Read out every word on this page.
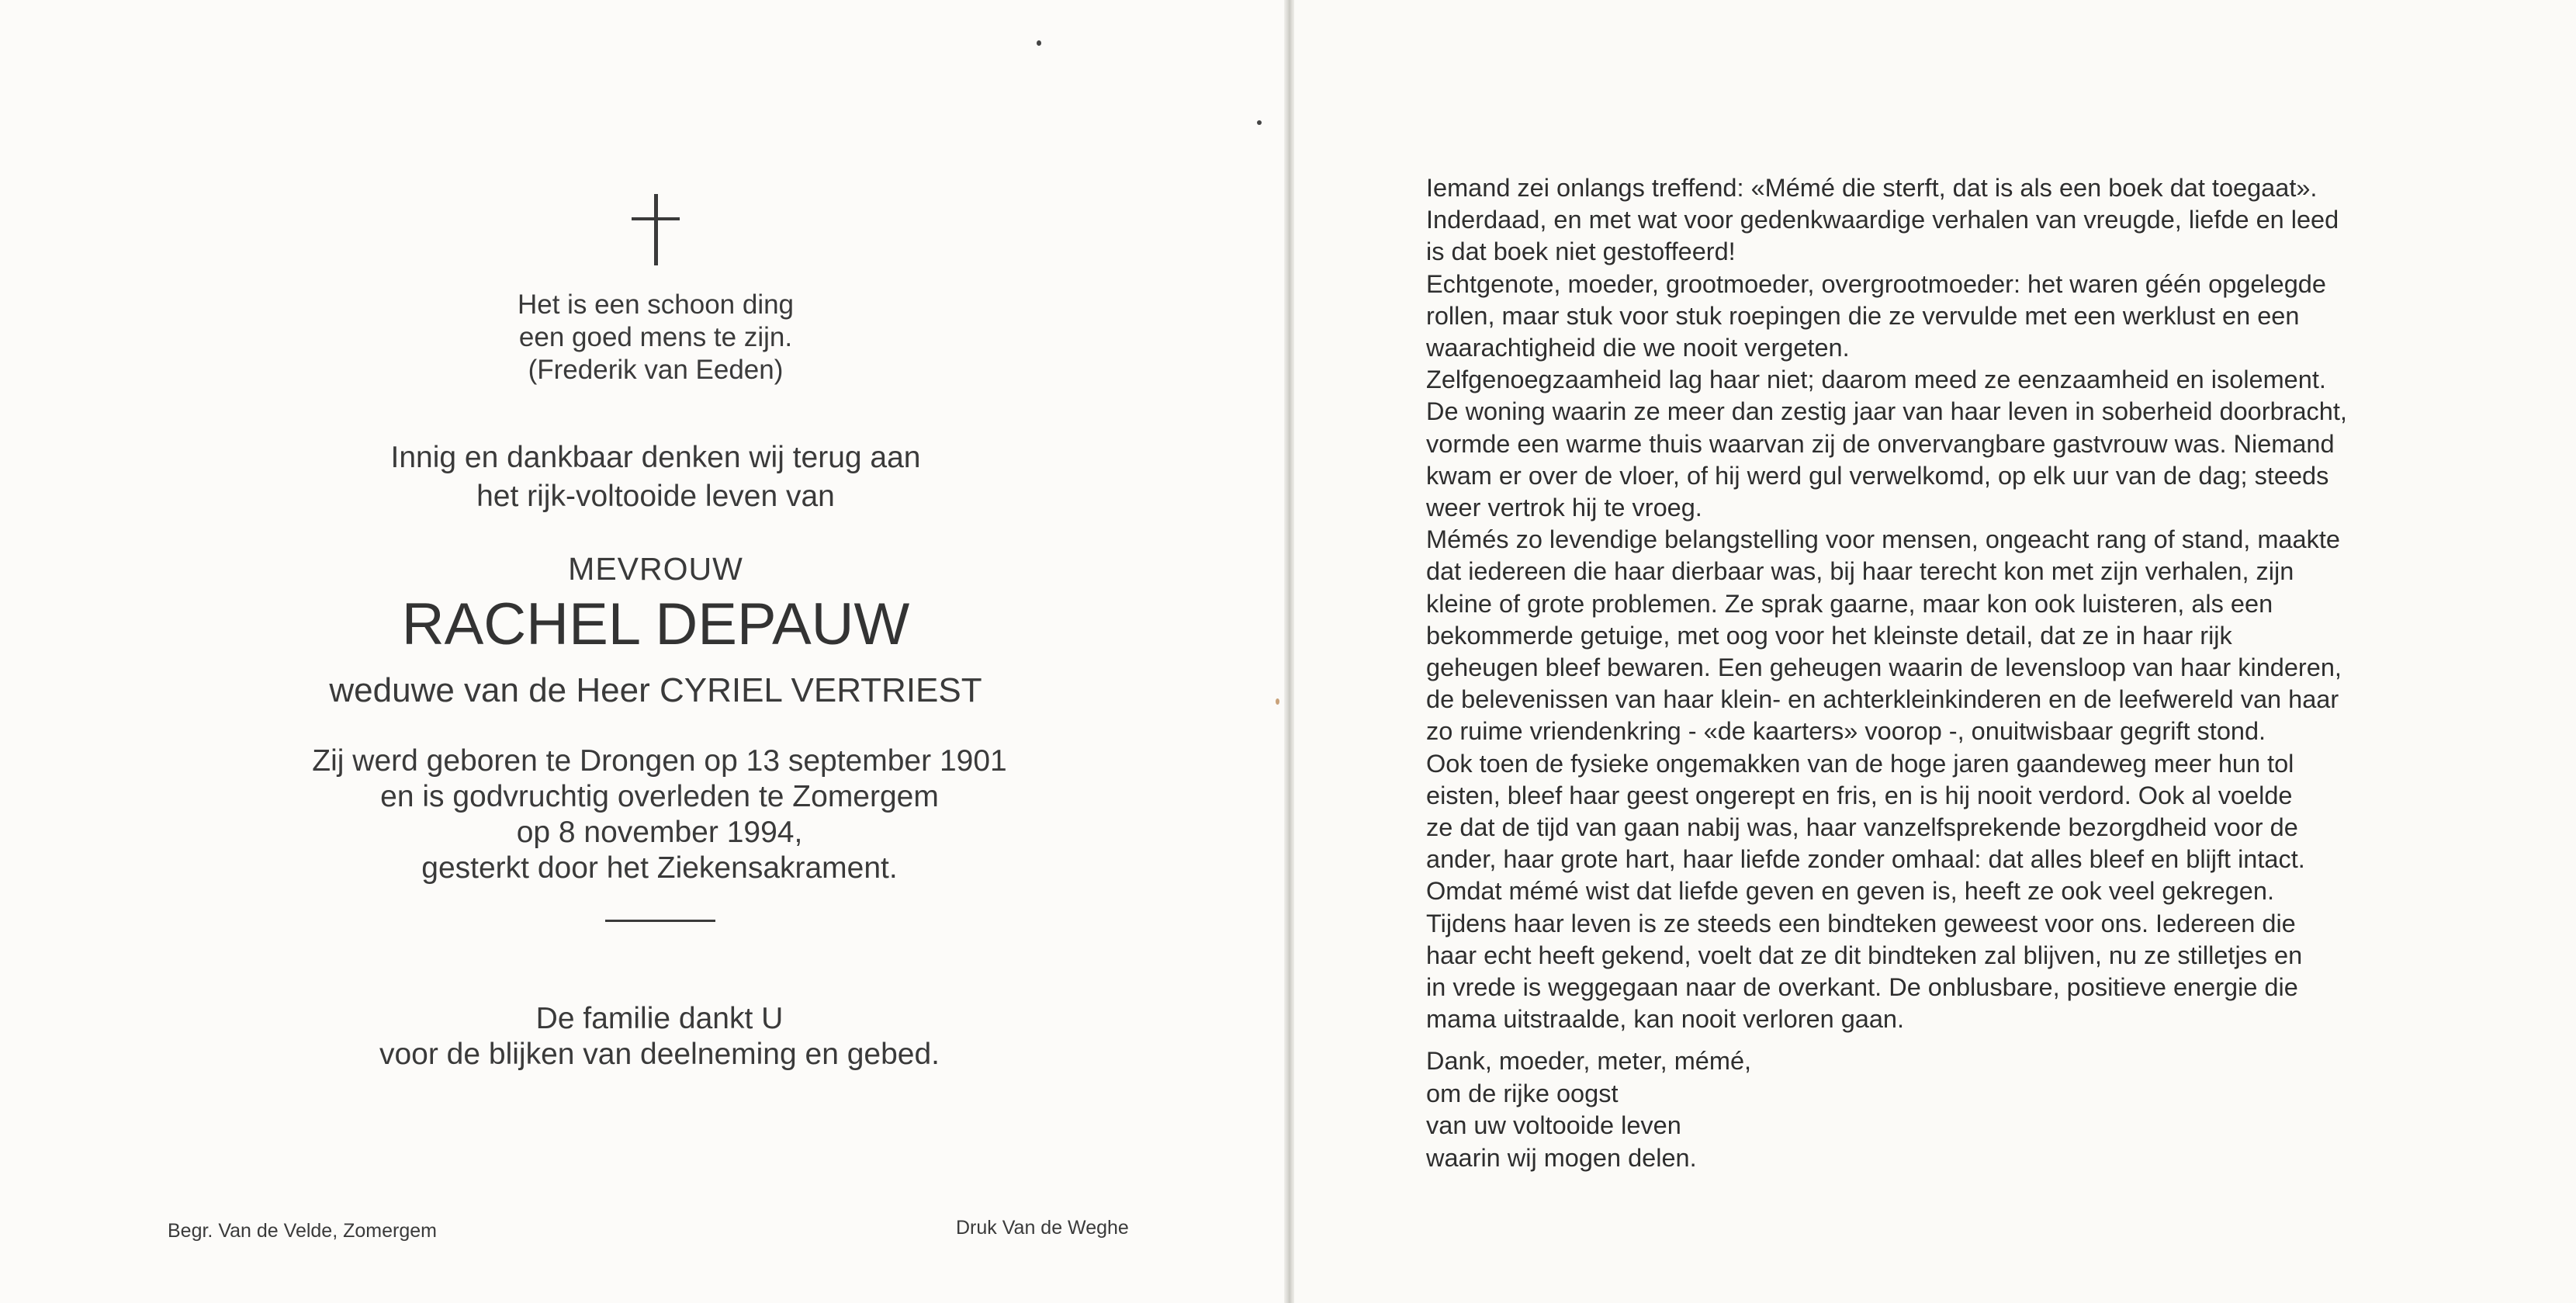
Het is een schoon ding
een goed mens te zijn.
(Frederik van Eeden)
Innig en dankbaar denken wij terug aan
het rijk-voltooide leven van
MEVROUW
RACHEL DEPAUW
weduwe van de Heer CYRIEL VERTRIEST
Zij werd geboren te Drongen op 13 september 1901
en is godvruchtig overleden te Zomergem
op 8 november 1994,
gesterkt door het Ziekensakrament.
De familie dankt U
voor de blijken van deelneming en gebed.
Begr. Van de Velde, Zomergem	Druk Van de Weghe
Iemand zei onlangs treffend: «Mémé die sterft, dat is als een boek dat toegaat».
Inderdaad, en met wat voor gedenkwaardige verhalen van vreugde, liefde en leed
is dat boek niet gestoffeerd!
Echtgenote, moeder, grootmoeder, overgrootmoeder: het waren géén opgelegde
rollen, maar stuk voor stuk roepingen die ze vervulde met een werklust en een
waarachtigheid die we nooit vergeten.
Zelfgenoegzaamheid lag haar niet; daarom meed ze eenzaamheid en isolement.
De woning waarin ze meer dan zestig jaar van haar leven in soberheid doorbracht,
vormde een warme thuis waarvan zij de onvervangbare gastvrouw was. Niemand
kwam er over de vloer, of hij werd gul verwelkomd, op elk uur van de dag; steeds
weer vertrok hij te vroeg.
Mémés zo levendige belangstelling voor mensen, ongeacht rang of stand, maakte
dat iedereen die haar dierbaar was, bij haar terecht kon met zijn verhalen, zijn
kleine of grote problemen. Ze sprak gaarne, maar kon ook luisteren, als een
bekommerde getuige, met oog voor het kleinste detail, dat ze in haar rijk
geheugen bleef bewaren. Een geheugen waarin de levensloop van haar kinderen,
de belevenissen van haar klein- en achterkleinkinderen en de leefwereld van haar
zo ruime vriendenkring - «de kaarters» voorop -, onuitwisbaar gegrift stond.
Ook toen de fysieke ongemakken van de hoge jaren gaandeweg meer hun tol
eisten, bleef haar geest ongerept en fris, en is hij nooit verdord. Ook al voelde
ze dat de tijd van gaan nabij was, haar vanzelfsprekende bezorgdheid voor de
ander, haar grote hart, haar liefde zonder omhaal: dat alles bleef en blijft intact.
Omdat mémé wist dat liefde geven en geven is, heeft ze ook veel gekregen.
Tijdens haar leven is ze steeds een bindteken geweest voor ons. Iedereen die
haar echt heeft gekend, voelt dat ze dit bindteken zal blijven, nu ze stilletjes en
in vrede is weggegaan naar de overkant. De onblusbare, positieve energie die
mama uitstraalde, kan nooit verloren gaan.
Dank, moeder, meter, mémé,
om de rijke oogst
van uw voltooide leven
waarin wij mogen delen.
